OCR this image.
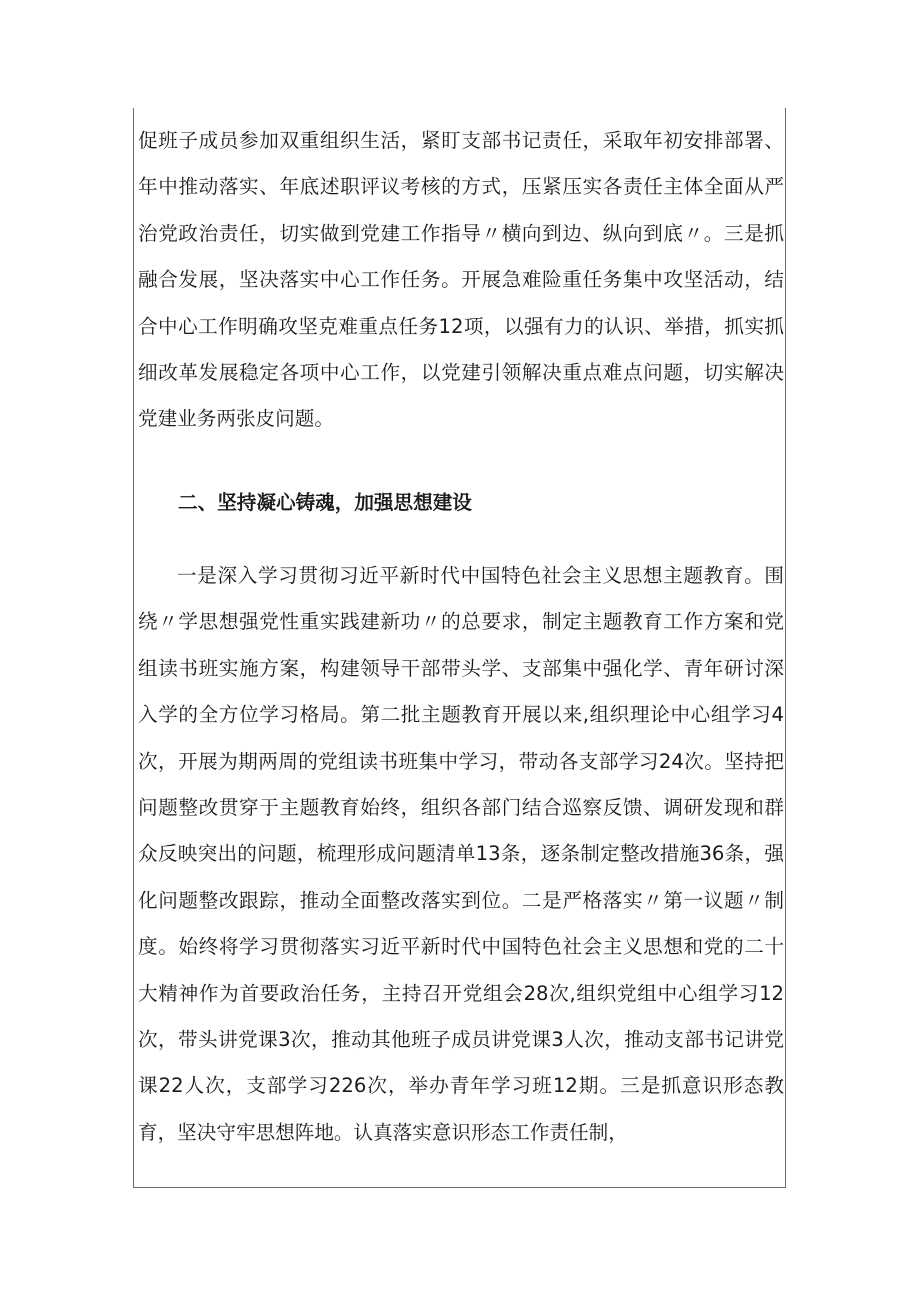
促班子成员参加双重组织生活，紧盯支部书记责任，采取年初安排部署、年中推动落实、年底述职评议考核的方式，压紧压实各责任主体全面从严治党政治责任，切实做到党建工作指导〃横向到边、纵向到底〃。三是抓融合发展，坚决落实中心工作任务。开展急难险重任务集中攻坚活动，结合中心工作明确攻坚克难重点任务12项，以强有力的认识、举措，抓实抓细改革发展稳定各项中心工作，以党建引领解决重点难点问题，切实解决党建业务两张皮问题。

二、坚持凝心铸魂，加强思想建设

一是深入学习贯彻习近平新时代中国特色社会主义思想主题教育。围绕〃学思想强党性重实践建新功〃的总要求，制定主题教育工作方案和党组读书班实施方案，构建领导干部带头学、支部集中强化学、青年研讨深入学的全方位学习格局。第二批主题教育开展以来,组织理论中心组学习4次，开展为期两周的党组读书班集中学习，带动各支部学习24次。坚持把问题整改贯穿于主题教育始终，组织各部门结合巡察反馈、调研发现和群众反映突出的问题，梳理形成问题清单13条，逐条制定整改措施36条，强化问题整改跟踪，推动全面整改落实到位。二是严格落实〃第一议题〃制度。始终将学习贯彻落实习近平新时代中国特色社会主义思想和党的二十大精神作为首要政治任务，主持召开党组会28次,组织党组中心组学习12次，带头讲党课3次，推动其他班子成员讲党课3人次，推动支部书记讲党课22人次，支部学习226次，举办青年学习班12期。三是抓意识形态教育，坚决守牢思想阵地。认真落实意识形态工作责任制，
